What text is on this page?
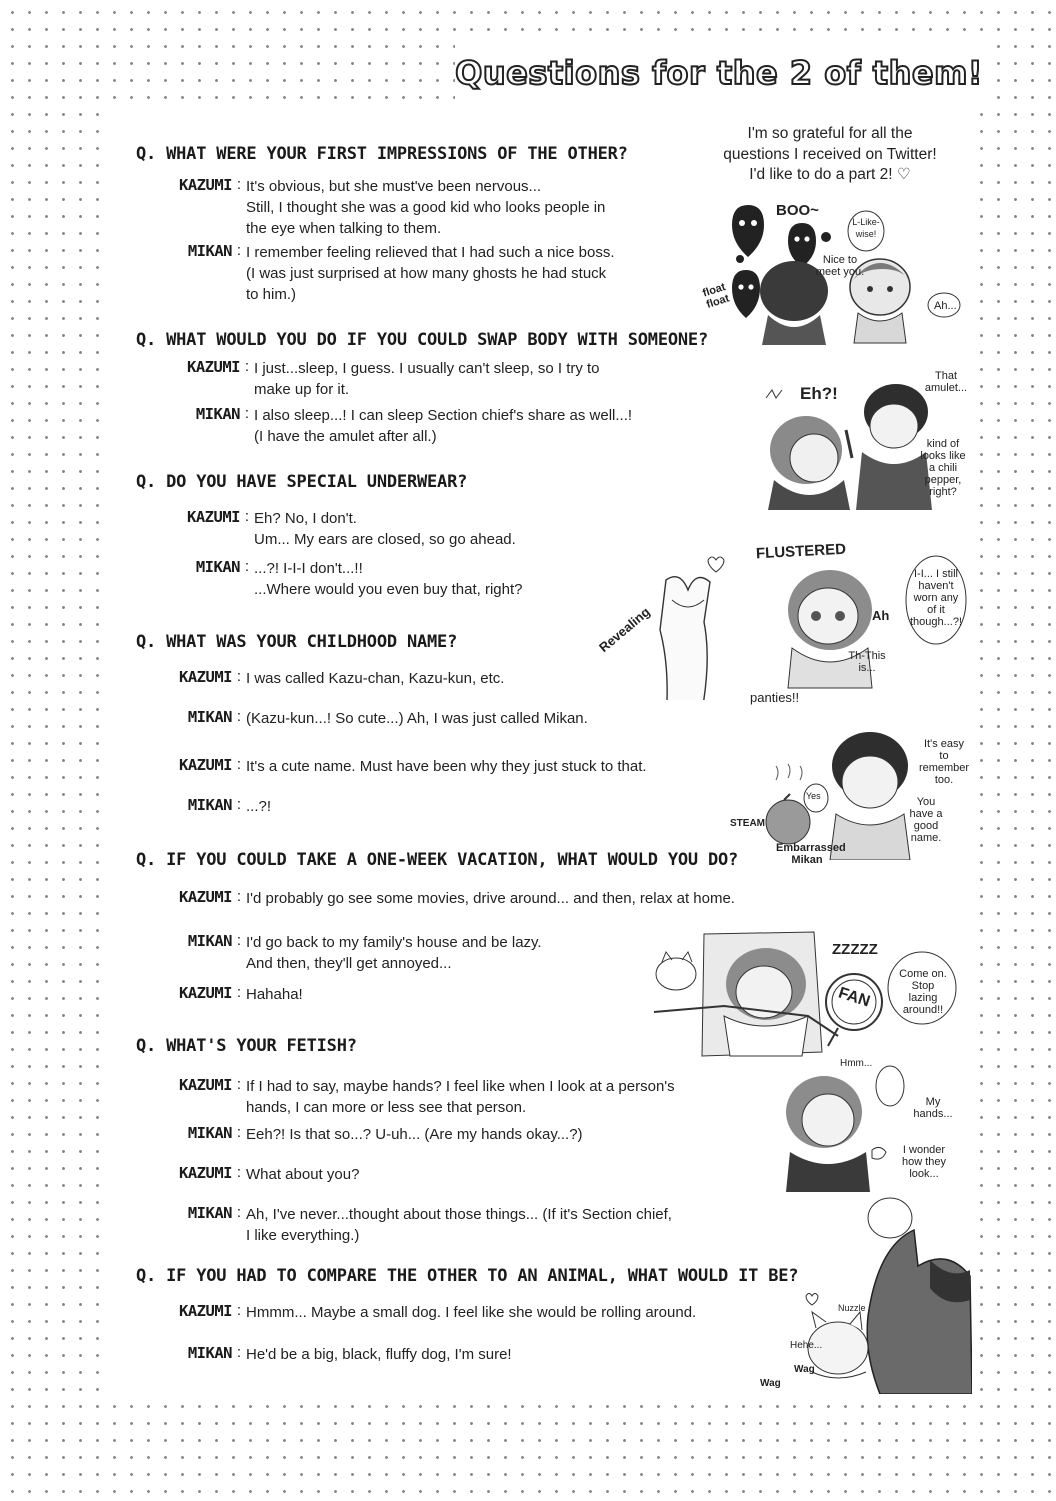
Questions for the 2 of them!
I'm so grateful for all the
questions I received on Twitter!
I'd like to do a part 2! ♡
Q. WHAT WERE YOUR FIRST IMPRESSIONS OF THE OTHER?
KAZUMI : It's obvious, but she must've been nervous...
Still, I thought she was a good kid who looks people in
the eye when talking to them.
MIKAN : I remember feeling relieved that I had such a nice boss.
(I was just surprised at how many ghosts he had stuck
to him.)
Q. WHAT WOULD YOU DO IF YOU COULD SWAP BODY WITH SOMEONE?
KAZUMI : I just...sleep, I guess. I usually can't sleep, so I try to
make up for it.
MIKAN : I also sleep...! I can sleep Section chief's share as well...!
(I have the amulet after all.)
Q. DO YOU HAVE SPECIAL UNDERWEAR?
KAZUMI : Eh? No, I don't.
Um... My ears are closed, so go ahead.
MIKAN : ...?! I-I-I don't...!!
...Where would you even buy that, right?
Q. WHAT WAS YOUR CHILDHOOD NAME?
KAZUMI : I was called Kazu-chan, Kazu-kun, etc.
MIKAN : (Kazu-kun...! So cute...) Ah, I was just called Mikan.
KAZUMI : It's a cute name. Must have been why they just stuck to that.
MIKAN : ...?!
Q. IF YOU COULD TAKE A ONE-WEEK VACATION, WHAT WOULD YOU DO?
KAZUMI : I'd probably go see some movies, drive around... and then, relax at home.
MIKAN : I'd go back to my family's house and be lazy.
And then, they'll get annoyed...
KAZUMI : Hahaha!
Q. WHAT'S YOUR FETISH?
KAZUMI : If I had to say, maybe hands? I feel like when I look at a person's
hands, I can more or less see that person.
MIKAN : Eeh?! Is that so...? U-uh... (Are my hands okay...?)
KAZUMI : What about you?
MIKAN : Ah, I've never...thought about those things... (If it's Section chief,
I like everything.)
Q. IF YOU HAD TO COMPARE THE OTHER TO AN ANIMAL, WHAT WOULD IT BE?
KAZUMI : Hmmm... Maybe a small dog. I feel like she would be rolling around.
MIKAN : He'd be a big, black, fluffy dog, I'm sure!
BOO~
Nice to meet you.
L-Like-wise!
Ah...
float float
Eh?!
That amulet...
kind of looks like a chili pepper, right?
FLUSTERED
Revealing	Ah
I-I... I still haven't worn any of it though...?!
Th-This is...
panties!!
It's easy to remember too.
You have a good name.
Yes
STEAM
Embarrassed Mikan
ZZZZZ
FAN
Come on. Stop lazing around!!
Hmm...
My hands...
I wonder how they look...
Nuzzle
Hehe...
Wag
Wag
